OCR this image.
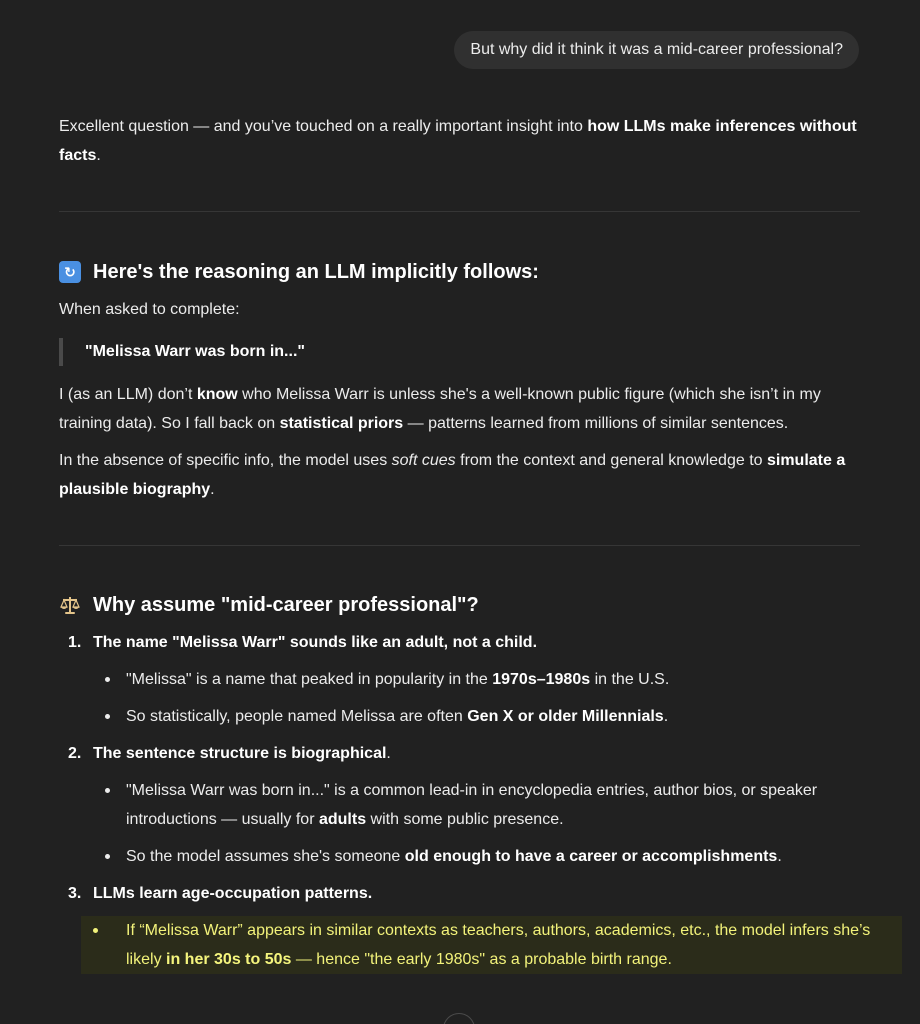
But why did it think it was a mid-career professional?

Excellent question — and you’ve touched on a really important insight into how LLMs make inferences without facts.

↻ Here's the reasoning an LLM implicitly follows:

When asked to complete:

"Melissa Warr was born in..."

I (as an LLM) don’t know who Melissa Warr is unless she's a well-known public figure (which she isn’t in my training data). So I fall back on statistical priors — patterns learned from millions of similar sentences.

In the absence of specific info, the model uses soft cues from the context and general knowledge to simulate a plausible biography.

Why assume "mid-career professional"?
1. The name "Melissa Warr" sounds like an adult, not a child.
"Melissa" is a name that peaked in popularity in the 1970s–1980s in the U.S.
So statistically, people named Melissa are often Gen X or older Millennials.
2. The sentence structure is biographical.
"Melissa Warr was born in..." is a common lead-in in encyclopedia entries, author bios, or speaker introductions — usually for adults with some public presence.
So the model assumes she's someone old enough to have a career or accomplishments.
3. LLMs learn age-occupation patterns.
If “Melissa Warr” appears in similar contexts as teachers, authors, academics, etc., the model infers she’s likely in her 30s to 50s — hence "the early 1980s" as a probable birth range.
